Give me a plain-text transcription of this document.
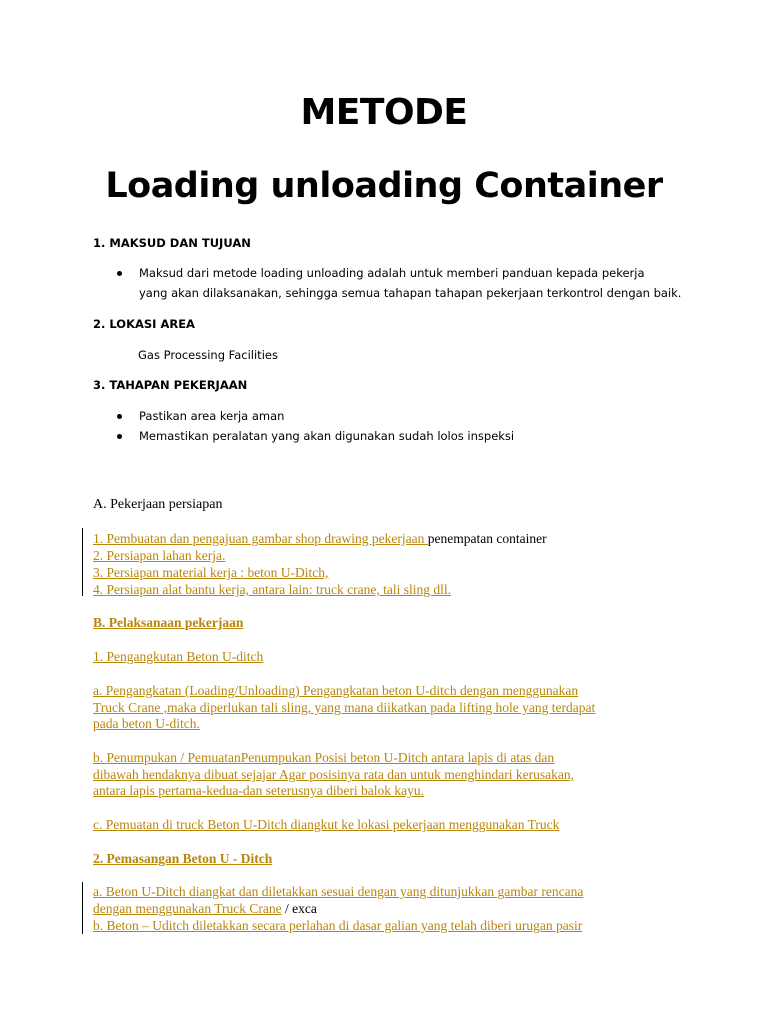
METODE
Loading unloading Container
1. MAKSUD DAN TUJUAN
Maksud dari metode loading unloading adalah untuk memberi panduan kepada pekerja
yang akan dilaksanakan, sehingga semua tahapan tahapan pekerjaan terkontrol dengan baik.
2. LOKASI AREA
Gas Processing Facilities
3. TAHAPAN PEKERJAAN
Pastikan area kerja aman
Memastikan peralatan yang akan digunakan sudah lolos inspeksi
A. Pekerjaan persiapan
1. Pembuatan dan pengajuan gambar shop drawing pekerjaan penempatan container
2. Persiapan lahan kerja.
3. Persiapan material kerja : beton U-Ditch,
4. Persiapan alat bantu kerja, antara lain: truck crane, tali sling dll.
B. Pelaksanaan pekerjaan
1. Pengangkutan Beton U-ditch
a. Pengangkatan (Loading/Unloading) Pengangkatan beton U-ditch dengan menggunakan
Truck Crane ,maka diperlukan tali sling, yang mana diikatkan pada lifting hole yang terdapat
pada beton U-ditch.
b. Penumpukan / PemuatanPenumpukan Posisi beton U-Ditch antara lapis di atas dan
dibawah hendaknya dibuat sejajar Agar posisinya rata dan untuk menghindari kerusakan,
antara lapis pertama-kedua-dan seterusnya diberi balok kayu.
c. Pemuatan di truck Beton U-Ditch diangkut ke lokasi pekerjaan menggunakan Truck
2. Pemasangan Beton U - Ditch
a. Beton U-Ditch diangkat dan diletakkan sesuai dengan yang ditunjukkan gambar rencana
dengan menggunakan Truck Crane / exca
b. Beton – Uditch diletakkan secara perlahan di dasar galian yang telah diberi urugan pasir
